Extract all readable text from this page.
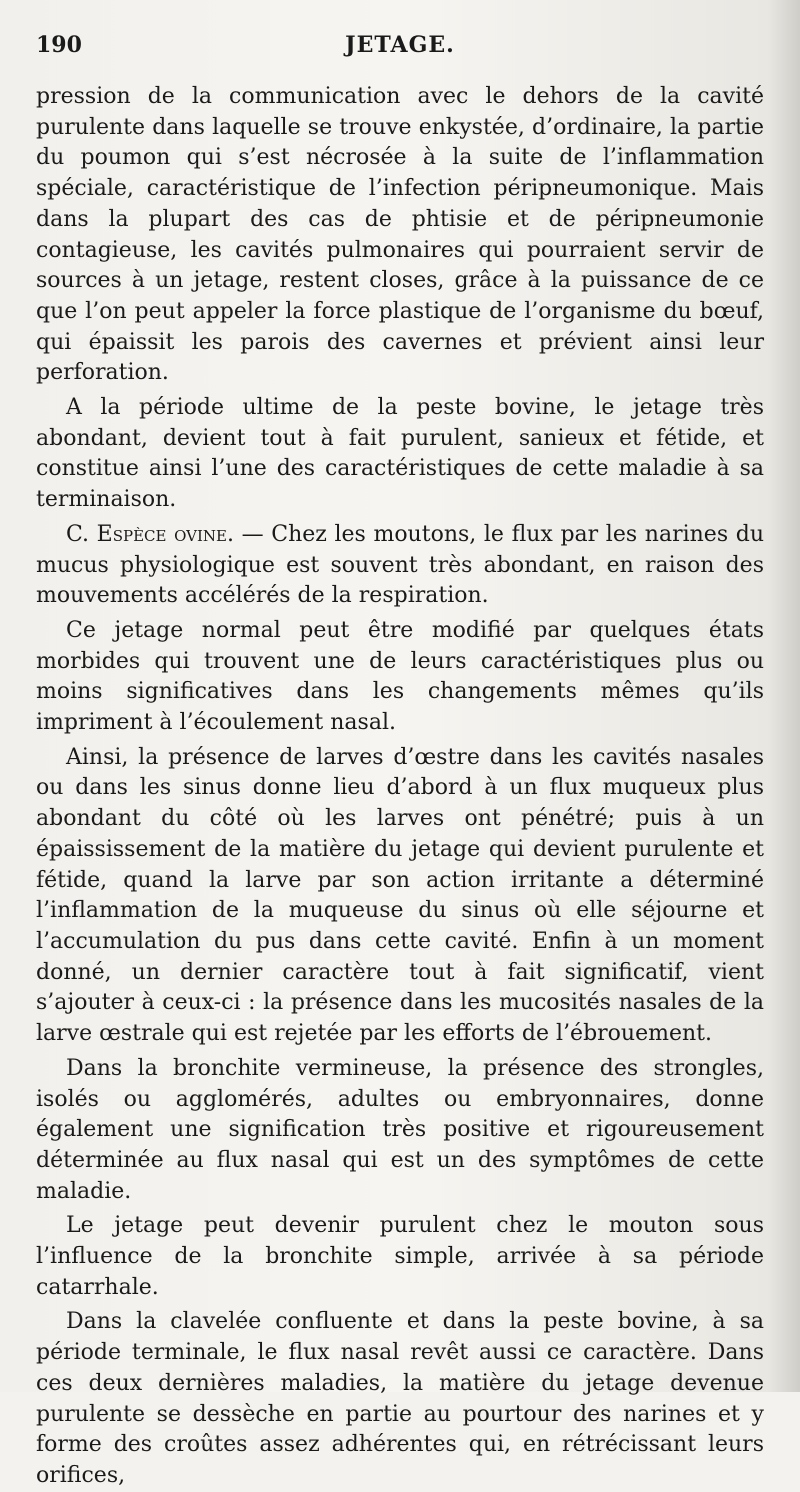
190	JETAGE.

pression de la communication avec le dehors de la cavité purulente dans laquelle se trouve enkystée, d’ordinaire, la partie du poumon qui s’est nécrosée à la suite de l’inflammation spéciale, caractéristique de l’infection péripneumonique. Mais dans la plupart des cas de phtisie et de péripneumonie contagieuse, les cavités pulmonaires qui pourraient servir de sources à un jetage, restent closes, grâce à la puissance de ce que l’on peut appeler la force plastique de l’organisme du bœuf, qui épaissit les parois des cavernes et prévient ainsi leur perforation.

A la période ultime de la peste bovine, le jetage très abondant, devient tout à fait purulent, sanieux et fétide, et constitue ainsi l’une des caractéristiques de cette maladie à sa terminaison.

C. Espèce ovine. — Chez les moutons, le flux par les narines du mucus physiologique est souvent très abondant, en raison des mouvements accélérés de la respiration.

Ce jetage normal peut être modifié par quelques états morbides qui trouvent une de leurs caractéristiques plus ou moins significatives dans les changements mêmes qu’ils impriment à l’écoulement nasal.

Ainsi, la présence de larves d’œstre dans les cavités nasales ou dans les sinus donne lieu d’abord à un flux muqueux plus abondant du côté où les larves ont pénétré; puis à un épaississement de la matière du jetage qui devient purulente et fétide, quand la larve par son action irritante a déterminé l’inflammation de la muqueuse du sinus où elle séjourne et l’accumulation du pus dans cette cavité. Enfin à un moment donné, un dernier caractère tout à fait significatif, vient s’ajouter à ceux-ci : la présence dans les mucosités nasales de la larve œstrale qui est rejetée par les efforts de l’ébrouement.

Dans la bronchite vermineuse, la présence des strongles, isolés ou agglomérés, adultes ou embryonnaires, donne également une signification très positive et rigoureusement déterminée au flux nasal qui est un des symptômes de cette maladie.

Le jetage peut devenir purulent chez le mouton sous l’influence de la bronchite simple, arrivée à sa période catarrhale.

Dans la clavelée confluente et dans la peste bovine, à sa période terminale, le flux nasal revêt aussi ce caractère. Dans ces deux dernières maladies, la matière du jetage devenue purulente se dessèche en partie au pourtour des narines et y forme des croûtes assez adhérentes qui, en rétrécissant leurs orifices,
